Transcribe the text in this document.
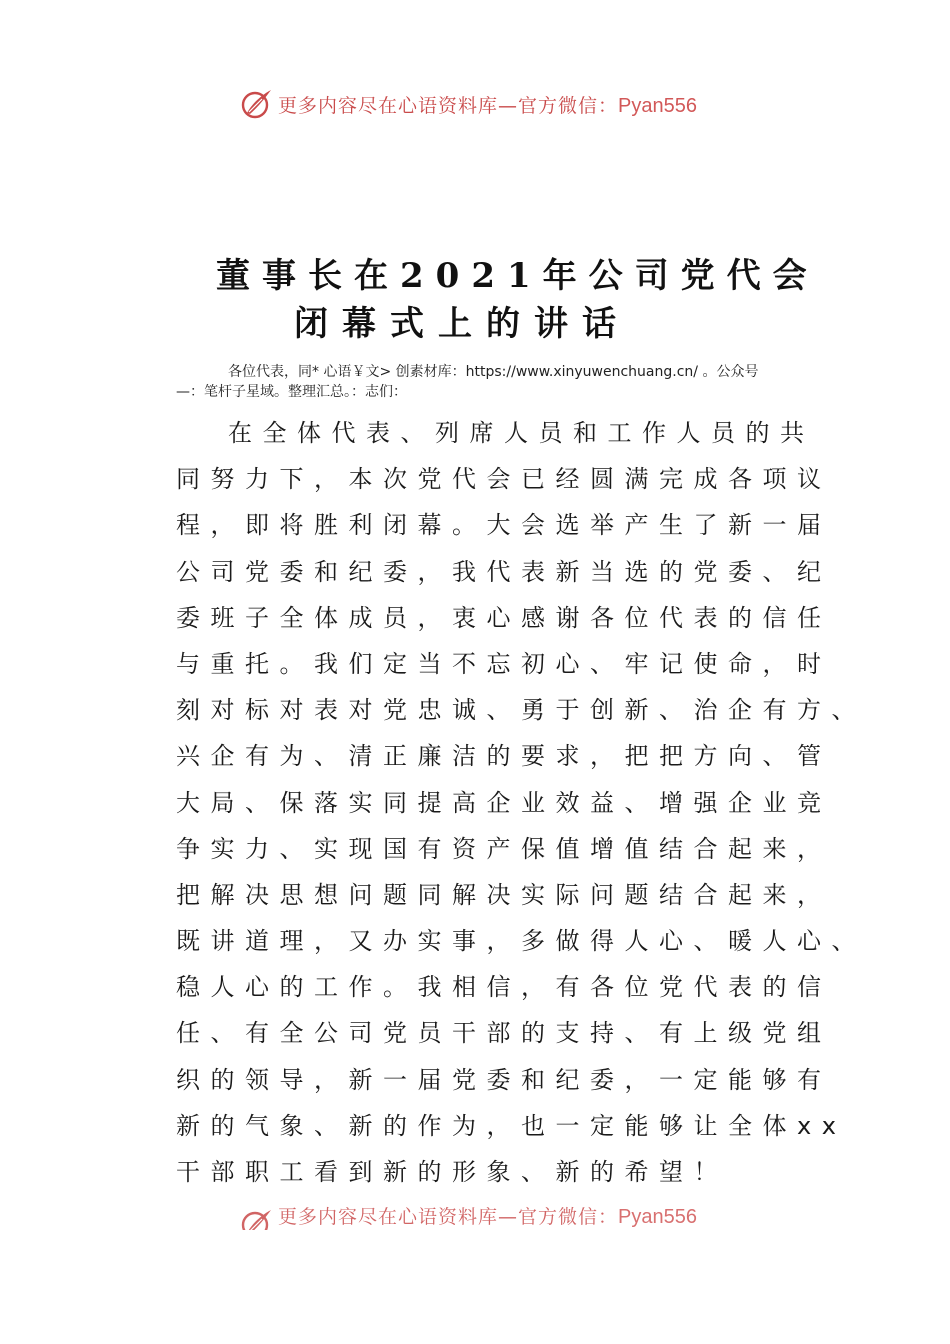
更多内容尽在心语资料库—官方微信：Pyan556
董事长在2021年公司党代会
闭幕式上的讲话
各位代表，同* 心语￥文> 创素材库：https://www.xinyuwenchuang.cn/ 。公众号
—：笔杆子星域。整理汇总。：志们：
在全体代表、列席人员和工作人员的共
同努力下，本次党代会已经圆满完成各项议
程，即将胜利闭幕。大会选举产生了新一届
公司党委和纪委，我代表新当选的党委、纪
委班子全体成员，衷心感谢各位代表的信任
与重托。我们定当不忘初心、牢记使命，时
刻对标对表对党忠诚、勇于创新、治企有方、
兴企有为、清正廉洁的要求，把把方向、管
大局、保落实同提高企业效益、增强企业竞
争实力、实现国有资产保值增值结合起来，
把解决思想问题同解决实际问题结合起来，
既讲道理，又办实事，多做得人心、暖人心、
稳人心的工作。我相信，有各位党代表的信
任、有全公司党员干部的支持、有上级党组
织的领导，新一届党委和纪委，一定能够有
新的气象、新的作为，也一定能够让全体xx
干部职工看到新的形象、新的希望！
更多内容尽在心语资料库—官方微信：Pyan556
